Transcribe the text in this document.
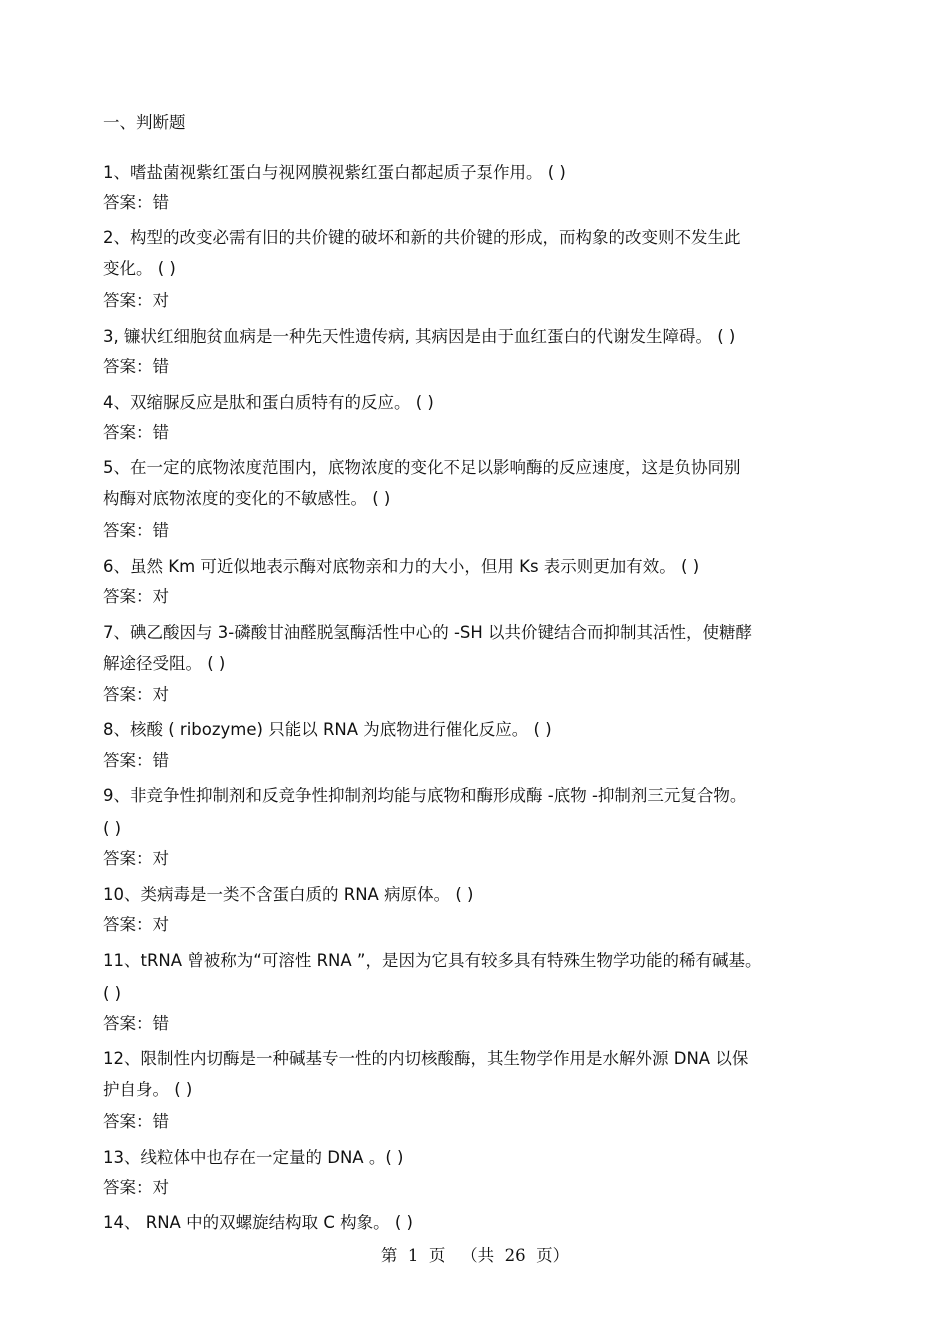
一、判断题
1、嗜盐菌视紫红蛋白与视网膜视紫红蛋白都起质子泵作用。 ( )
答案：错
2、构型的改变必需有旧的共价键的破坏和新的共价键的形成，而构象的改变则不发生此
变化。 ( )
答案：对
3, 镰状红细胞贫血病是一种先天性遗传病, 其病因是由于血红蛋白的代谢发生障碍。 ( )
答案：错
4、双缩脲反应是肽和蛋白质特有的反应。 ( )
答案：错
5、在一定的底物浓度范围内，底物浓度的变化不足以影响酶的反应速度，这是负协同别
构酶对底物浓度的变化的不敏感性。 ( )
答案：错
6、虽然 Km 可近似地表示酶对底物亲和力的大小，但用 Ks 表示则更加有效。 ( )
答案：对
7、碘乙酸因与 3-磷酸甘油醛脱氢酶活性中心的 -SH 以共价键结合而抑制其活性，使糖酵
解途径受阻。 ( )
答案：对
8、核酸 ( ribozyme) 只能以 RNA 为底物进行催化反应。 ( )
答案：错
9、非竞争性抑制剂和反竞争性抑制剂均能与底物和酶形成酶 -底物 -抑制剂三元复合物。
( )
答案：对
10、类病毒是一类不含蛋白质的 RNA 病原体。 ( )
答案：对
11、tRNA 曾被称为“可溶性 RNA ”，是因为它具有较多具有特殊生物学功能的稀有碱基。
( )
答案：错
12、限制性内切酶是一种碱基专一性的内切核酸酶，其生物学作用是水解外源 DNA 以保
护自身。 ( )
答案：错
13、线粒体中也存在一定量的 DNA 。( )
答案：对
14、 RNA 中的双螺旋结构取 C 构象。 ( )
第  1  页   （共  26  页）
